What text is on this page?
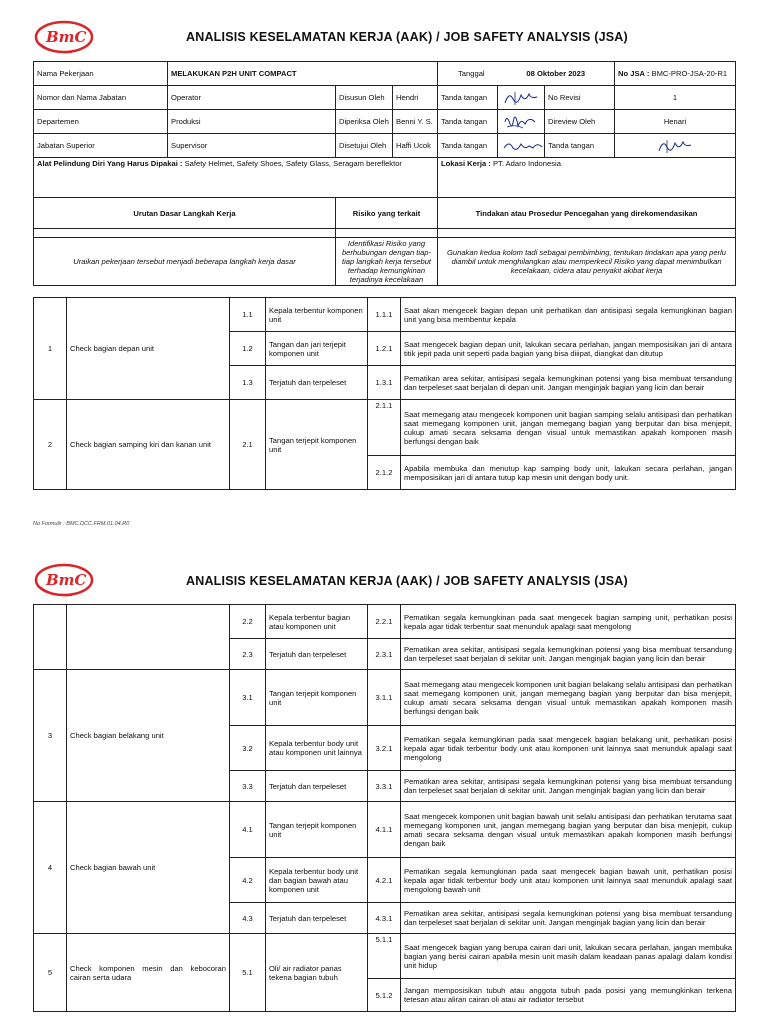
BmC	ANALISIS KESELAMATAN KERJA (AAK) / JOB SAFETY ANALYSIS (JSA)
Nama Pekerjaan	MELAKUKAN P2H UNIT COMPACT			Tanggal	08 Oktober 2023		No JSA : BMC-PRO-JSA-20-R1
Nomor dan Nama Jabatan	Operator	Disusun Oleh	Hendri	Tanda tangan		No Revisi	1
Departemen	Produksi	Diperiksa Oleh	Benni Y. S.	Tanda tangan		Direview Oleh	Henari
Jabatan Superior	Supervisor	Disetujui Oleh	Haffi Ucok	Tanda tangan		Tanda tangan	

Alat Pelindung Diri Yang Harus Dipakai : Safety Helmet, Safety Shoes, Safety Glass, Seragam bereflektor				Lokasi Kerja : PT. Adaro Indonesia			
Urutan Dasar Langkah Kerja		Risiko yang terkait		Tindakan atau Prosedur Pencegahan yang direkomendasikan			

Uraikan pekerjaan tersebut menjadi beberapa langkah kerja dasar		Identifikasi Risiko yang berhubungan dengan tiap-tiap langkah kerja tersebut terhadap kemungkinan terjadinya kecelakaan		Gunakan kedua kolom tadi sebagai pembimbing, tentukan tindakan apa yang perlu diambil untuk menghilangkan atau memperkecil Risiko yang dapat menimbulkan kecelakaan, cidera atau penyakit akibat kerja			
1	Check bagian depan unit	1.1	Kepala terbentur komponen unit	1.1.1	Saat akan mengecek bagian depan unit perhatikan dan antisipasi segala kemungkinan bagian unit yang bisa membentur kepala
		1.2	Tangan dan jari terjepit komponen unit	1.2.1	Saat mengecek bagian depan unit, lakukan secara perlahan, jangan memposisikan jari di antara titik jepit pada unit seperti pada bagian yang bisa diiipat, diangkat dan ditutup
		1.3	Terjatuh dan terpeleset	1.3.1	Pematikan area sekitar, antisipasi segala kemungkinan potensi yang bisa membuat tersandung dan terpeleset saat berjalan di depan unit. Jangan menginjak bagian yang licin dan berair
2	Check bagian samping kiri dan kanan unit	2.1	Tangan terjepit komponen unit	2.1.1	Saat memegang atau mengecek komponen unit bagian samping selalu antisipasi dan perhatikan saat memegang komponen unit, jangan memegang bagian yang berputar dan bisa menjepit, cukup amati secara seksama dengan visual untuk memastikan apakah komponen masih berfungsi dengan baik
				2.1.2	Apabila membuka dan menutup kap samping body unit, lakukan secara perlahan, jangan memposisikan jari di antara tutup kap mesin unit dengan body unit.
No Formulir : BMC.DCC.FRM.01.04.R0
BmC	ANALISIS KESELAMATAN KERJA (AAK) / JOB SAFETY ANALYSIS (JSA)
		2.2	Kepala terbentur bagian atau komponen unit	2.2.1	Pematikan segala kemungkinan pada saat mengecek bagian samping unit, perhatikan posisi kepala agar tidak terbentur saat menunduk apalagi saat mengolong
		2.3	Terjatuh dan terpeleset	2.3.1	Pematikan area sekitar, antisipasi segala kemungkinan potensi yang bisa membuat tersandung dan terpeleset saat berjalan di sekitar unit. Jangan menginjak bagian yang licin dan berair
3	Check bagian belakang unit	3.1	Tangan terjepit komponen unit	3.1.1	Saat memegang atau mengecek komponen unit bagian belakang selalu antisipasi dan perhatikan saat memegang komponen unit, jangan memegang bagian yang berputar dan bisa menjepit, cukup amati secara seksama dengan visual untuk memastikan apakah komponen masih berfungsi dengan baik
		3.2	Kepala terbentur body unit atau komponen unit lainnya	3.2.1	Pematikan segala kemungkinan pada saat mengecek bagian belakang unit, perhatikan posisi kepala agar tidak terbentur body unit atau komponen unit lainnya saat menunduk apalagi saat mengolong
		3.3	Terjatuh dan terpeleset	3.3.1	Pematikan area sekitar, antisipasi segala kemungkinan potensi yang bisa membuat tersandung dan terpeleset saat berjalan di sekitar unit. Jangan menginjak bagian yang licin dan berair
4	Check bagian bawah unit	4.1	Tangan terjepit komponen unit	4.1.1	Saat mengecek komponen unit bagian bawah unit selalu antisipasi dan perhatikan terutama saat memegang komponen unit, jangan memegang bagian yang berputar dan bisa menjepit, cukup amati secara seksama dengan visual untuk memastikan apakah komponen masih berfungsi dengan baik
		4.2	Kepala terbentur body unit dan bagian bawah atau komponen unit	4.2.1	Pematikan segala kemungkinan pada saat mengecek bagian bawah unit, perhatikan posisi kepala agar tidak terbentur body unit atau komponen unit lainnya saat menunduk apalagi saat mengolong bawah unit
		4.3	Terjatuh dan terpeleset	4.3.1	Pematikan area sekitar, antisipasi segala kemungkinan potensi yang bisa membuat tersandung dan terpeleset saat berjalan di sekitar unit. Jangan menginjak bagian yang licin dan berair
5	Check komponen mesin dan kebocoran cairan serta udara	5.1	Oli/ air radiator panas tekena bagian tubuh	5.1.1	Saat mengecek bagian yang berupa cairan dari unit, lakukan secara perlahan, jangan membuka bagian yang berisi cairan apabila mesin unit masih dalam keadaan panas apalagi dalam kondisi unit hidup
				5.1.2	Jangan memposisikan tubuh atau anggota tubuh pada posisi yang memungkinkan terkena tetesan atau aliran cairan oli atau air radiator tersebut
